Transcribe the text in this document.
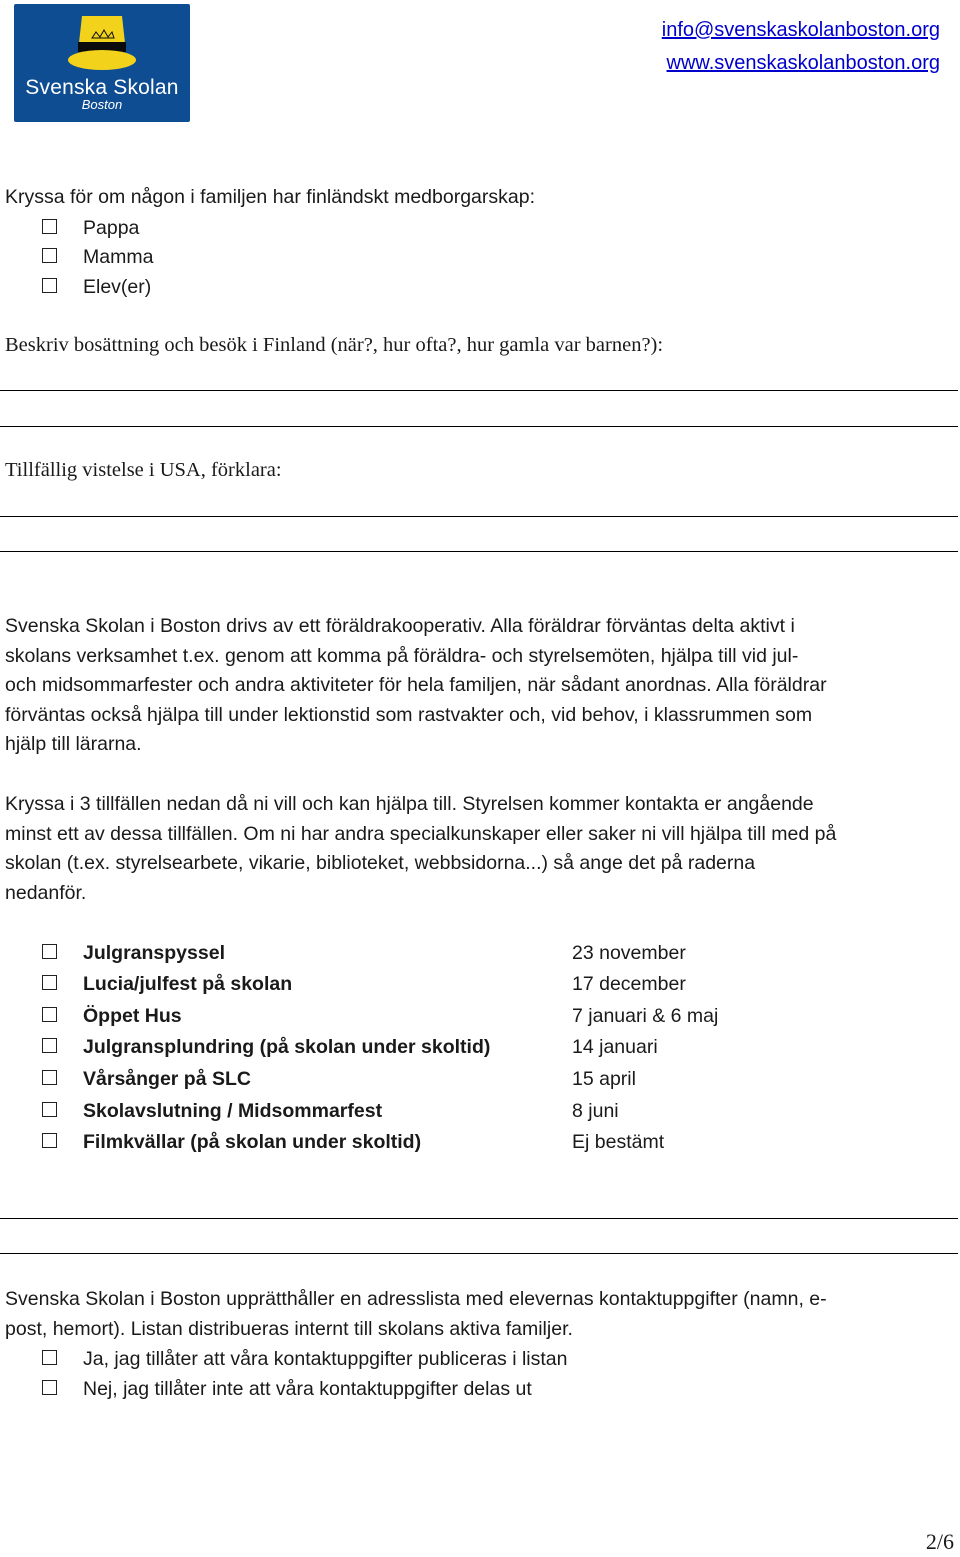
Svenska Skolan
Boston
info@svenskaskolanboston.org
www.svenskaskolanboston.org
Kryssa för om någon i familjen har finländskt medborgarskap:
Pappa
Mamma
Elev(er)
Beskriv bosättning och besök i Finland (när?, hur ofta?, hur gamla var barnen?):
Tillfällig vistelse i USA, förklara:
Svenska Skolan i Boston drivs av ett föräldrakooperativ. Alla föräldrar förväntas delta aktivt i
skolans verksamhet t.ex. genom att komma på föräldra- och styrelsemöten, hjälpa till vid jul-
och midsommarfester och andra aktiviteter för hela familjen, när sådant anordnas. Alla föräldrar
förväntas också hjälpa till under lektionstid som rastvakter och, vid behov, i klassrummen som
hjälp till lärarna.
Kryssa i 3 tillfällen nedan då ni vill och kan hjälpa till. Styrelsen kommer kontakta er angående
minst ett av dessa tillfällen. Om ni har andra specialkunskaper eller saker ni vill hjälpa till med på
skolan (t.ex. styrelsearbete, vikarie, biblioteket, webbsidorna...) så ange det på raderna
nedanför.
Julgranspyssel	23 november
Lucia/julfest på skolan	17 december
Öppet Hus	7 januari & 6 maj
Julgransplundring (på skolan under skoltid)	14 januari
Vårsånger på SLC	15 april
Skolavslutning / Midsommarfest	8 juni
Filmkvällar (på skolan under skoltid)	Ej bestämt
Svenska Skolan i Boston upprätthåller en adresslista med elevernas kontaktuppgifter (namn, e-
post, hemort). Listan distribueras internt till skolans aktiva familjer.
Ja, jag tillåter att våra kontaktuppgifter publiceras i listan
Nej, jag tillåter inte att våra kontaktuppgifter delas ut
2/6
